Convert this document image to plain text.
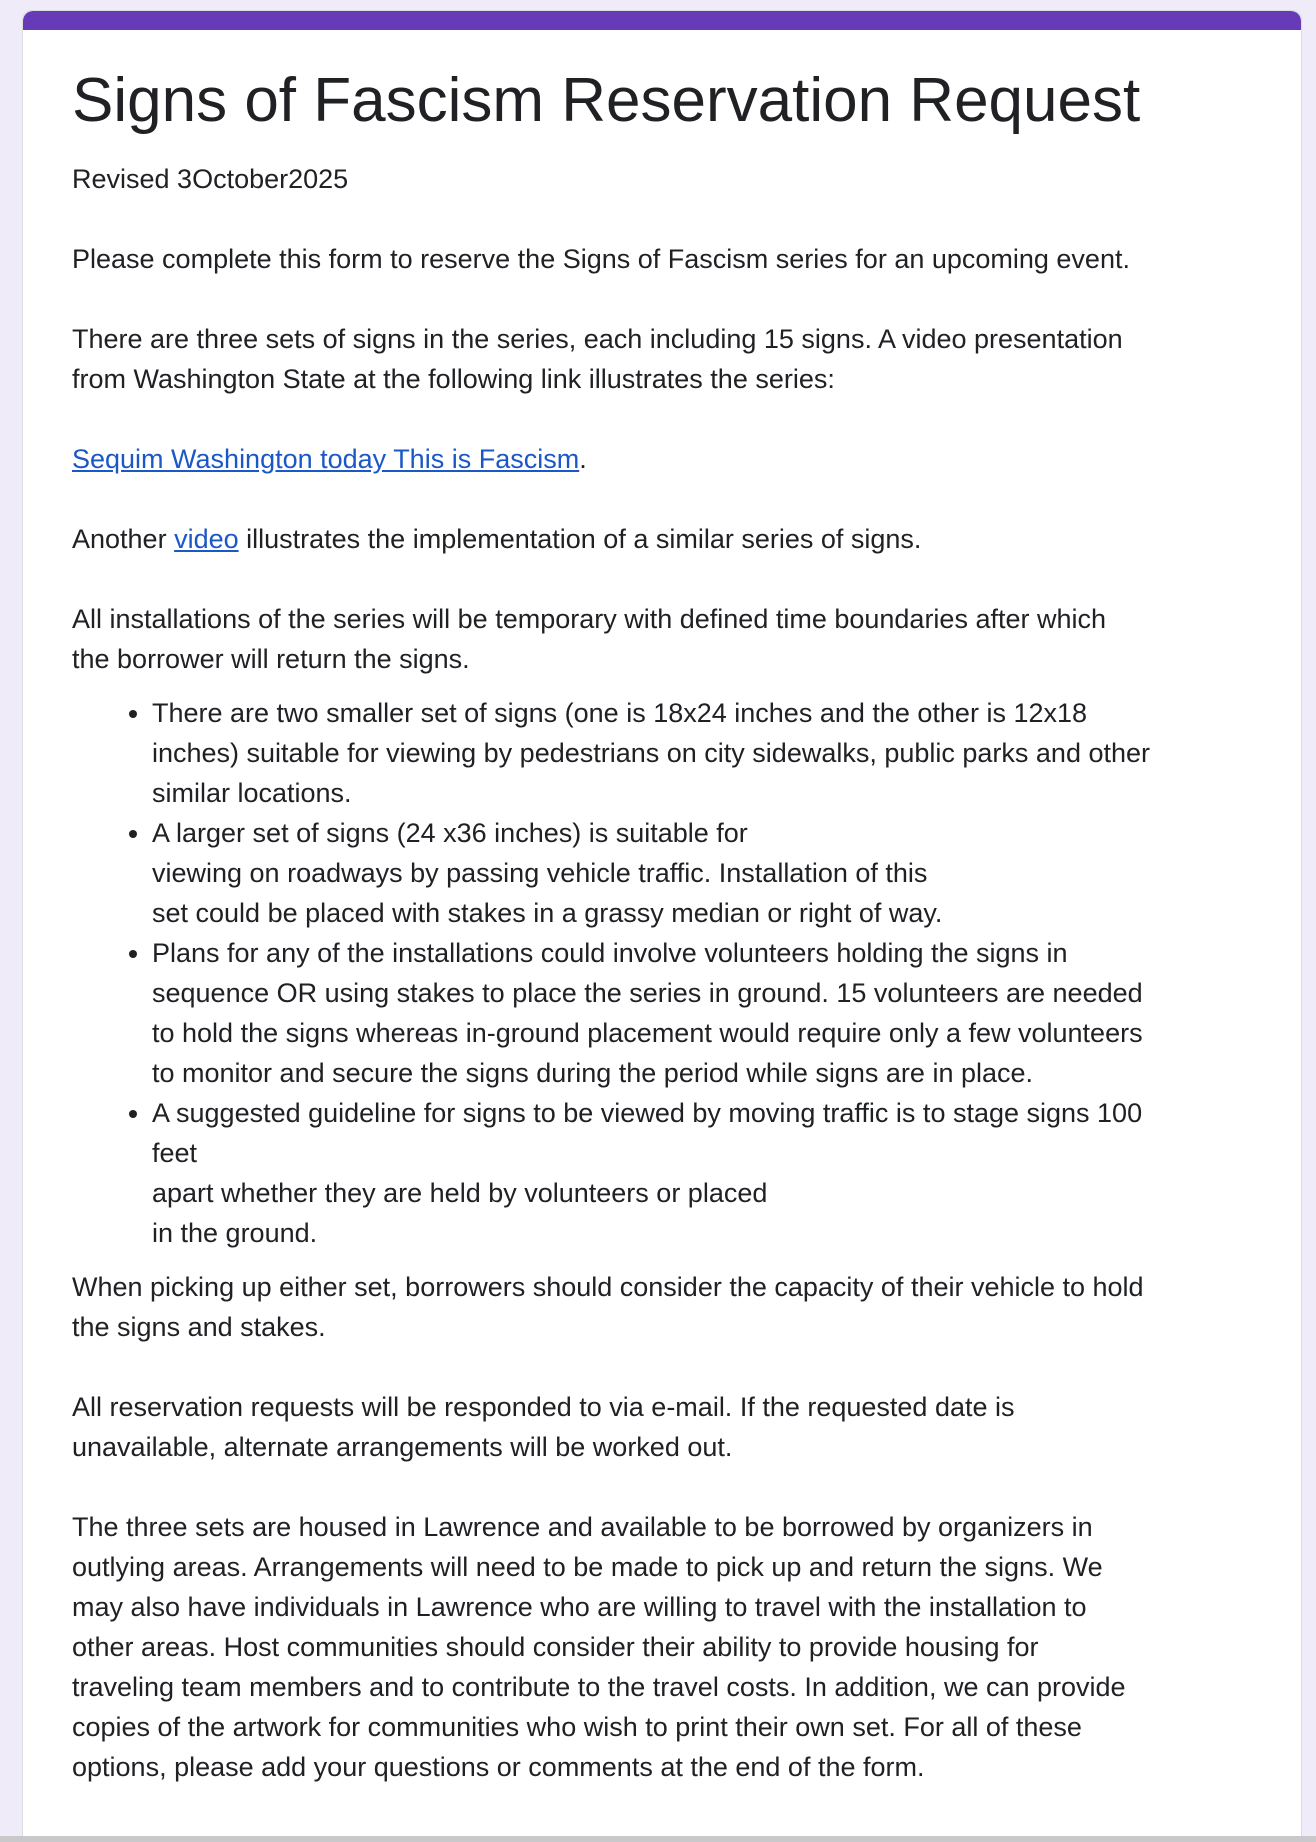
Signs of Fascism Reservation Request

Revised 3October2025

Please complete this form to reserve the Signs of Fascism series for an upcoming event.

There are three sets of signs in the series, each including 15 signs. A video presentation
from Washington State at the following link illustrates the series:

Sequim Washington today This is Fascism.

Another video illustrates the implementation of a similar series of signs.

All installations of the series will be temporary with defined time boundaries after which
the borrower will return the signs.

• There are two smaller set of signs (one is 18x24 inches and the other is 12x18
inches) suitable for viewing by pedestrians on city sidewalks, public parks and other
similar locations.
• A larger set of signs (24 x36 inches) is suitable for
viewing on roadways by passing vehicle traffic. Installation of this
set could be placed with stakes in a grassy median or right of way.
• Plans for any of the installations could involve volunteers holding the signs in
sequence OR using stakes to place the series in ground. 15 volunteers are needed
to hold the signs whereas in-ground placement would require only a few volunteers
to monitor and secure the signs during the period while signs are in place.
• A suggested guideline for signs to be viewed by moving traffic is to stage signs 100
feet
apart whether they are held by volunteers or placed
in the ground.

When picking up either set, borrowers should consider the capacity of their vehicle to hold
the signs and stakes.

All reservation requests will be responded to via e-mail. If the requested date is
unavailable, alternate arrangements will be worked out.

The three sets are housed in Lawrence and available to be borrowed by organizers in
outlying areas. Arrangements will need to be made to pick up and return the signs. We
may also have individuals in Lawrence who are willing to travel with the installation to
other areas. Host communities should consider their ability to provide housing for
traveling team members and to contribute to the travel costs. In addition, we can provide
copies of the artwork for communities who wish to print their own set. For all of these
options, please add your questions or comments at the end of the form.
